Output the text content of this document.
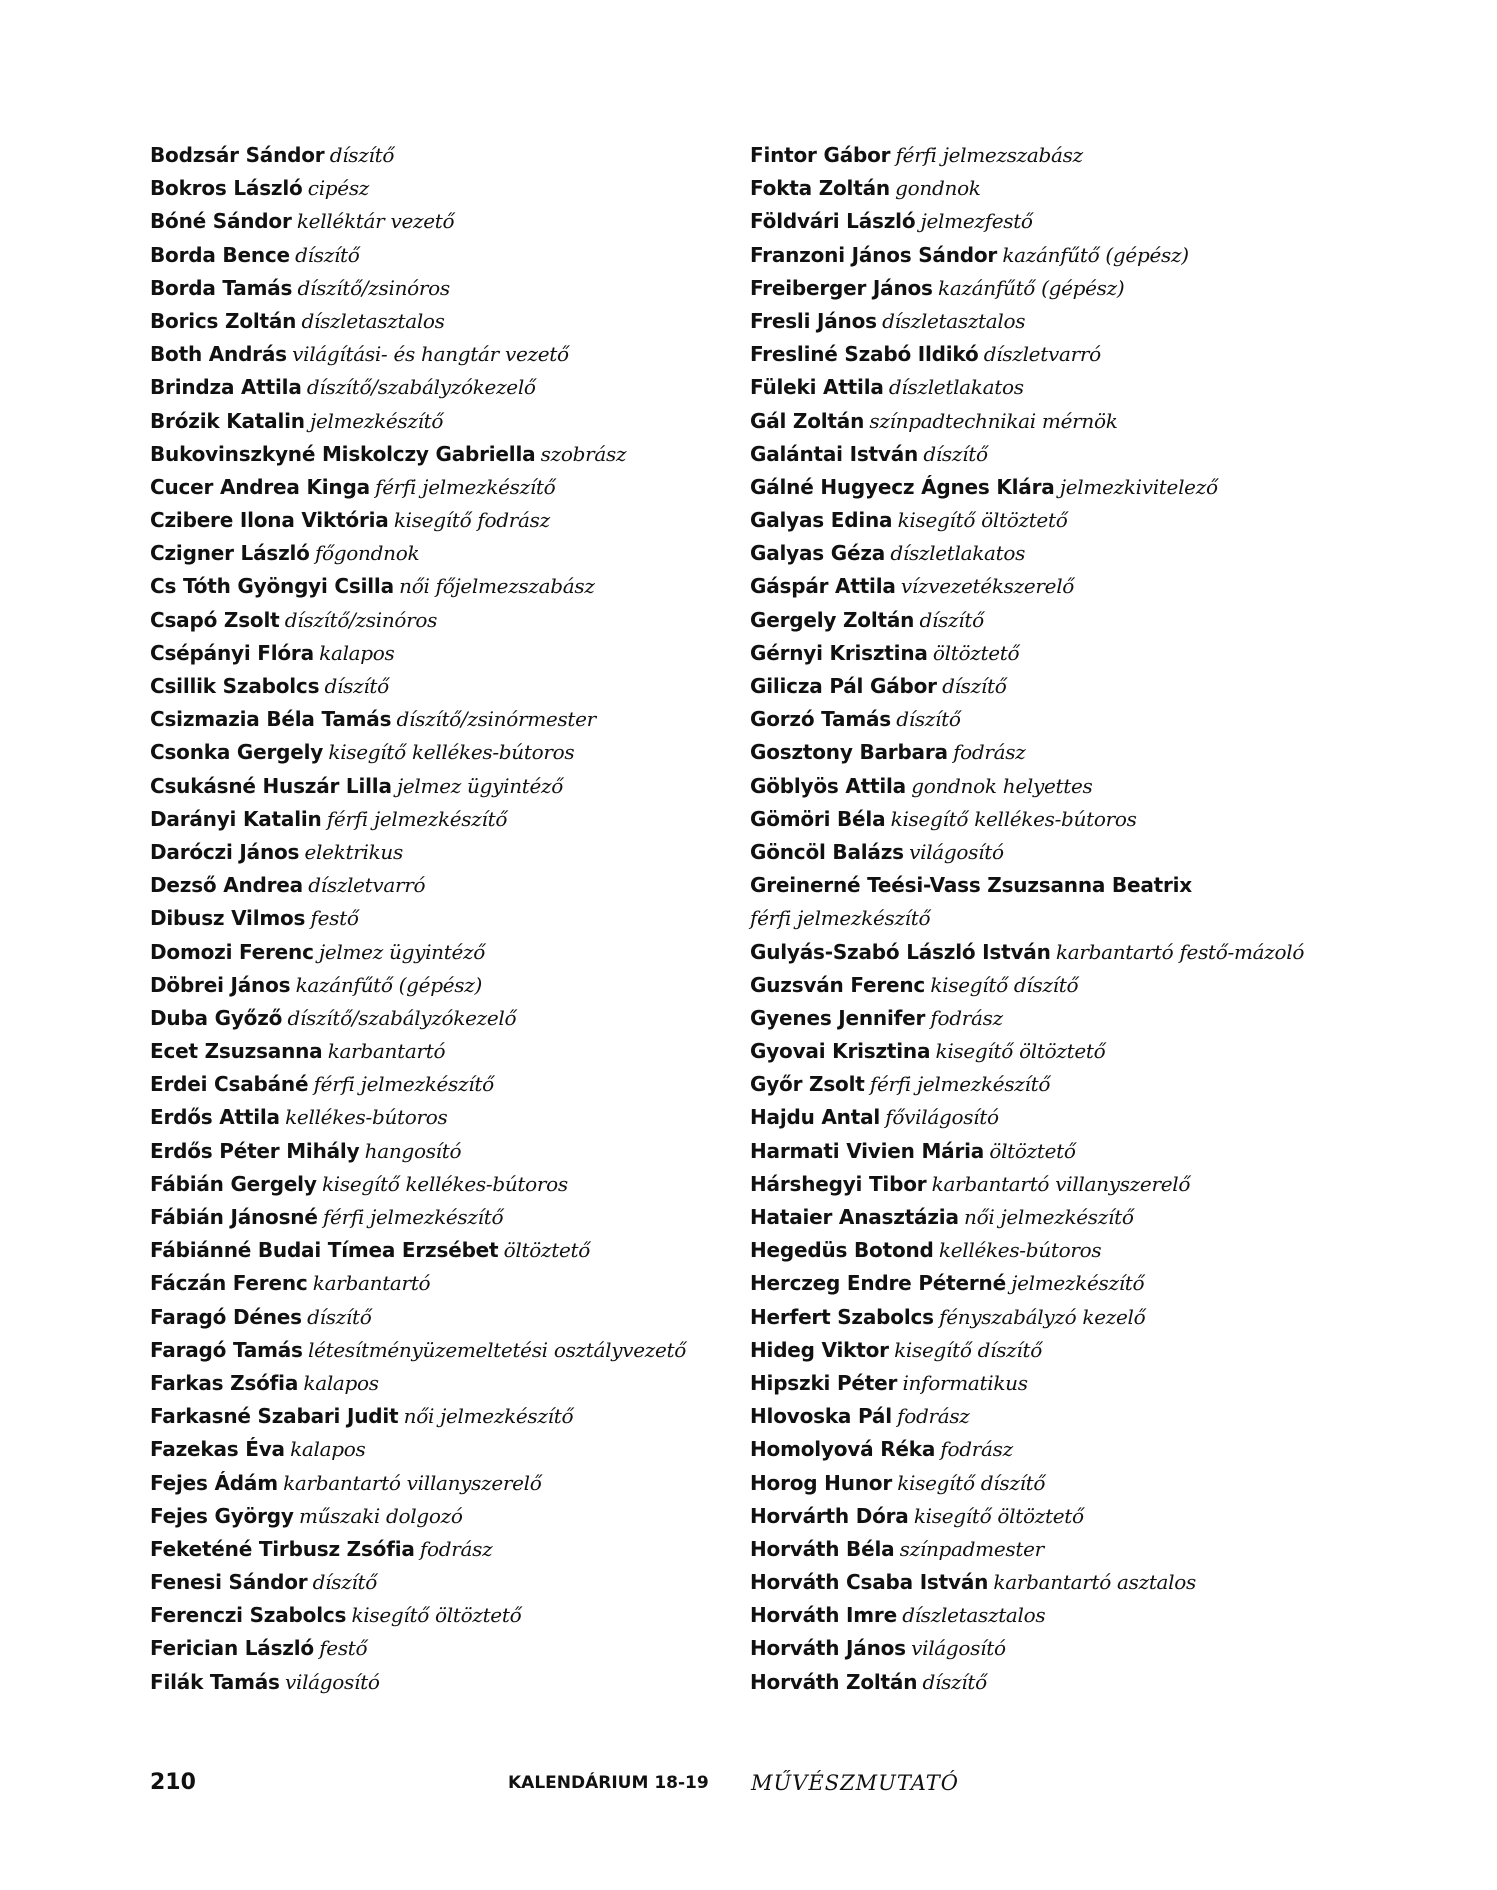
Bodzsár Sándor díszítő
Bokros László cipész
Bóné Sándor kelléktár vezető
Borda Bence díszítő
Borda Tamás díszítő/zsinóros
Borics Zoltán díszletasztalos
Both András világítási- és hangtár vezető
Brindza Attila díszítő/szabályzókezelő
Brózik Katalin jelmezkészítő
Bukovinszkyné Miskolczy Gabriella szobrász
Cucer Andrea Kinga férfi jelmezkészítő
Czibere Ilona Viktória kisegítő fodrász
Czigner László főgondnok
Cs Tóth Gyöngyi Csilla női főjelmezszabász
Csapó Zsolt díszítő/zsinóros
Csépányi Flóra kalapos
Csillik Szabolcs díszítő
Csizmazia Béla Tamás díszítő/zsinórmester
Csonka Gergely kisegítő kellékes-bútoros
Csukásné Huszár Lilla jelmez ügyintéző
Darányi Katalin férfi jelmezkészítő
Daróczi János elektrikus
Dezső Andrea díszletvarró
Dibusz Vilmos festő
Domozi Ferenc jelmez ügyintéző
Döbrei János kazánfűtő (gépész)
Duba Győző díszítő/szabályzókezelő
Ecet Zsuzsanna karbantartó
Erdei Csabáné férfi jelmezkészítő
Erdős Attila kellékes-bútoros
Erdős Péter Mihály hangosító
Fábián Gergely kisegítő kellékes-bútoros
Fábián Jánosné férfi jelmezkészítő
Fábiánné Budai Tímea Erzsébet öltöztető
Fáczán Ferenc karbantartó
Faragó Dénes díszítő
Faragó Tamás létesítményüzemeltetési osztályvezető
Farkas Zsófia kalapos
Farkasné Szabari Judit női jelmezkészítő
Fazekas Éva kalapos
Fejes Ádám karbantartó villanyszerelő
Fejes György műszaki dolgozó
Feketéné Tirbusz Zsófia fodrász
Fenesi Sándor díszítő
Ferenczi Szabolcs kisegítő öltöztető
Ferician László festő
Filák Tamás világosító
Fintor Gábor férfi jelmezszabász
Fokta Zoltán gondnok
Földvári László jelmezfestő
Franzoni János Sándor kazánfűtő (gépész)
Freiberger János kazánfűtő (gépész)
Fresli János díszletasztalos
Fresliné Szabó Ildikó díszletvarró
Füleki Attila díszletlakatos
Gál Zoltán színpadtechnikai mérnök
Galántai István díszítő
Gálné Hugyecz Ágnes Klára jelmezkivitelező
Galyas Edina kisegítő öltöztető
Galyas Géza díszletlakatos
Gáspár Attila vízvezetékszerelő
Gergely Zoltán díszítő
Gérnyi Krisztina öltöztető
Gilicza Pál Gábor díszítő
Gorzó Tamás díszítő
Gosztony Barbara fodrász
Göblyös Attila gondnok helyettes
Gömöri Béla kisegítő kellékes-bútoros
Göncöl Balázs világosító
Greinerné Teési-Vass Zsuzsanna Beatrix
férfi jelmezkészítő
Gulyás-Szabó László István karbantartó festő-mázoló
Guzsván Ferenc kisegítő díszítő
Gyenes Jennifer fodrász
Gyovai Krisztina kisegítő öltöztető
Győr Zsolt férfi jelmezkészítő
Hajdu Antal fővilágosító
Harmati Vivien Mária öltöztető
Hárshegyi Tibor karbantartó villanyszerelő
Hataier Anasztázia női jelmezkészítő
Hegedüs Botond kellékes-bútoros
Herczeg Endre Péterné jelmezkészítő
Herfert Szabolcs fényszabályzó kezelő
Hideg Viktor kisegítő díszítő
Hipszki Péter informatikus
Hlovoska Pál fodrász
Homolyová Réka fodrász
Horog Hunor kisegítő díszítő
Horvárth Dóra kisegítő öltöztető
Horváth Béla színpadmester
Horváth Csaba István karbantartó asztalos
Horváth Imre díszletasztalos
Horváth János világosító
Horváth Zoltán díszítő
210	KALENDÁRIUM 18-19 MŰVÉSZMUTATÓ
